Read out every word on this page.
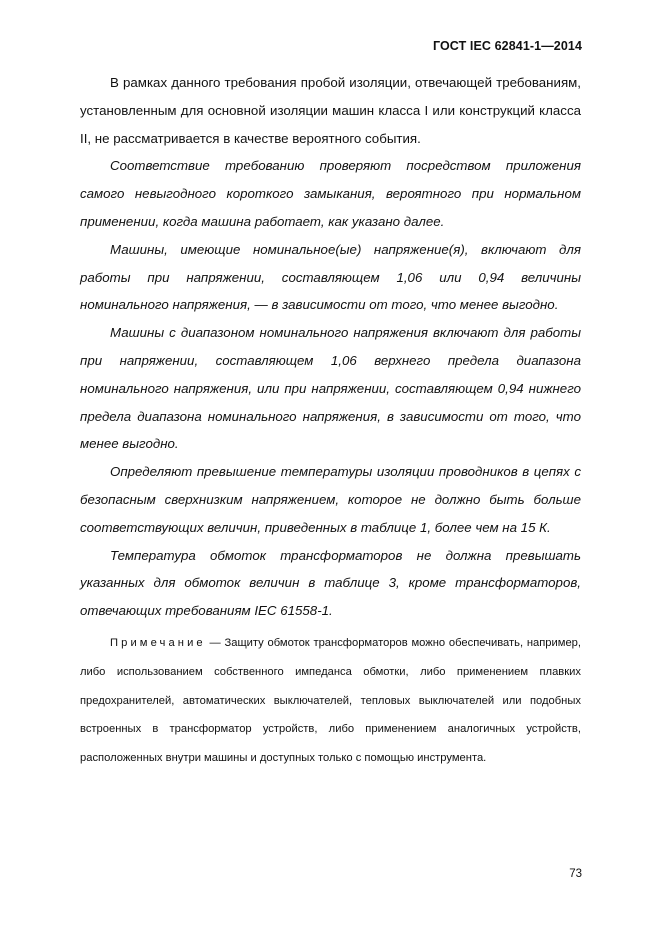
ГОСТ IEC 62841-1—2014

В рамках данного требования пробой изоляции, отвечающей требованиям, установленным для основной изоляции машин класса I или конструкций класса II, не рассматривается в качестве вероятного события.

Соответствие требованию проверяют посредством приложения самого невыгодного короткого замыкания, вероятного при нормальном применении, когда машина работает, как указано далее.

Машины, имеющие номинальное(ые) напряжение(я), включают для работы при напряжении, составляющем 1,06 или 0,94 величины номинального напряжения, — в зависимости от того, что менее выгодно.

Машины с диапазоном номинального напряжения включают для работы при напряжении, составляющем 1,06 верхнего предела диапазона номинального напряжения, или при напряжении, составляющем 0,94 нижнего предела диапазона номинального напряжения, в зависимости от того, что менее выгодно.

Определяют превышение температуры изоляции проводников в цепях с безопасным сверхнизким напряжением, которое не должно быть больше соответствующих величин, приведенных в таблице 1, более чем на 15 К.

Температура обмоток трансформаторов не должна превышать указанных для обмоток величин в таблице 3, кроме трансформаторов, отвечающих требованиям IEC 61558-1.

Примечание — Защиту обмоток трансформаторов можно обеспечивать, например, либо использованием собственного импеданса обмотки, либо применением плавких предохранителей, автоматических выключателей, тепловых выключателей или подобных встроенных в трансформатор устройств, либо применением аналогичных устройств, расположенных внутри машины и доступных только с помощью инструмента.

73
